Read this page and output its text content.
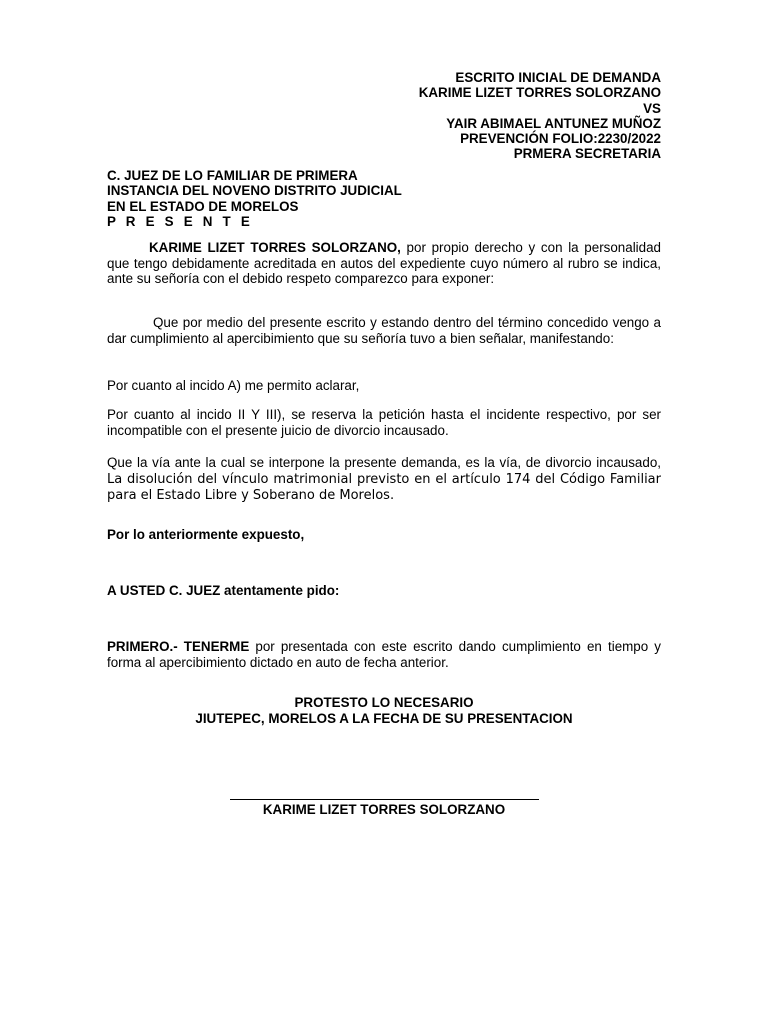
ESCRITO INICIAL DE DEMANDA
KARIME LIZET TORRES SOLORZANO
VS
YAIR ABIMAEL ANTUNEZ MUÑOZ
PREVENCIÓN FOLIO:2230/2022
PRMERA SECRETARIA
C. JUEZ DE LO FAMILIAR DE PRIMERA
INSTANCIA DEL NOVENO DISTRITO JUDICIAL
EN EL ESTADO DE MORELOS
P R E S E N T E

KARIME LIZET TORRES SOLORZANO, por propio derecho y con la personalidad que tengo debidamente acreditada en autos del expediente cuyo número al rubro se indica, ante su señoría con el debido respeto comparezco para exponer:

Que por medio del presente escrito y estando dentro del término concedido vengo a dar cumplimiento al apercibimiento que su señoría tuvo a bien señalar, manifestando:

Por cuanto al incido A) me permito aclarar,

Por cuanto al incido II Y III), se reserva la petición hasta el incidente respectivo, por ser incompatible con el presente juicio de divorcio incausado.

Que la vía ante la cual se interpone la presente demanda, es la vía, de divorcio incausado, La disolución del vínculo matrimonial previsto en el artículo 174 del Código Familiar para el Estado Libre y Soberano de Morelos.

Por lo anteriormente expuesto,

A USTED C. JUEZ atentamente pido:

PRIMERO.- TENERME por presentada con este escrito dando cumplimiento en tiempo y forma al apercibimiento dictado en auto de fecha anterior.

PROTESTO LO NECESARIO
JIUTEPEC, MORELOS A LA FECHA DE SU PRESENTACION
KARIME LIZET TORRES SOLORZANO
